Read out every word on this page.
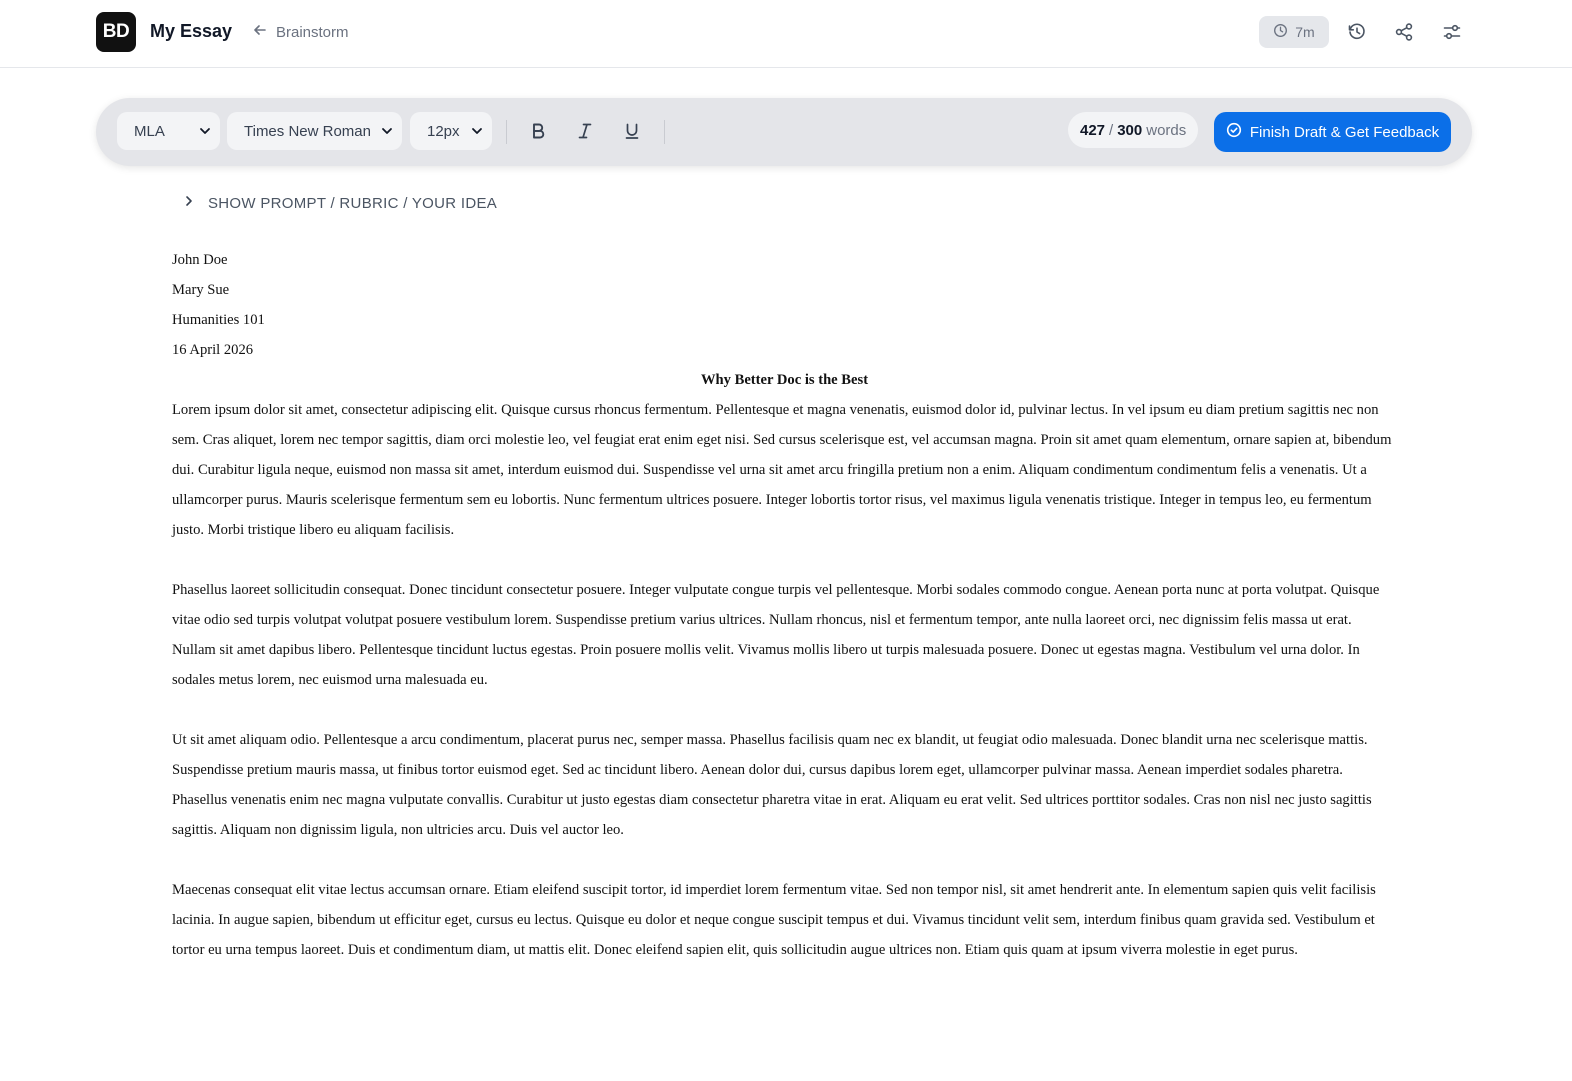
BD	My Essay	Brainstorm	7m
MLA	Times New Roman	12px	427 / 300 words	Finish Draft & Get Feedback
SHOW PROMPT / RUBRIC / YOUR IDEA
John Doe
Mary Sue
Humanities 101
16 April 2026
Why Better Doc is the Best

Lorem ipsum dolor sit amet, consectetur adipiscing elit. Quisque cursus rhoncus fermentum. Pellentesque et magna venenatis, euismod dolor id, pulvinar lectus. In vel ipsum eu diam pretium sagittis nec non sem. Cras aliquet, lorem nec tempor sagittis, diam orci molestie leo, vel feugiat erat enim eget nisi. Sed cursus scelerisque est, vel accumsan magna. Proin sit amet quam elementum, ornare sapien at, bibendum dui. Curabitur ligula neque, euismod non massa sit amet, interdum euismod dui. Suspendisse vel urna sit amet arcu fringilla pretium non a enim. Aliquam condimentum condimentum felis a venenatis. Ut a ullamcorper purus. Mauris scelerisque fermentum sem eu lobortis. Nunc fermentum ultrices posuere. Integer lobortis tortor risus, vel maximus ligula venenatis tristique. Integer in tempus leo, eu fermentum justo. Morbi tristique libero eu aliquam facilisis.

Phasellus laoreet sollicitudin consequat. Donec tincidunt consectetur posuere. Integer vulputate congue turpis vel pellentesque. Morbi sodales commodo congue. Aenean porta nunc at porta volutpat. Quisque vitae odio sed turpis volutpat volutpat posuere vestibulum lorem. Suspendisse pretium varius ultrices. Nullam rhoncus, nisl et fermentum tempor, ante nulla laoreet orci, nec dignissim felis massa ut erat. Nullam sit amet dapibus libero. Pellentesque tincidunt luctus egestas. Proin posuere mollis velit. Vivamus mollis libero ut turpis malesuada posuere. Donec ut egestas magna. Vestibulum vel urna dolor. In sodales metus lorem, nec euismod urna malesuada eu.

Ut sit amet aliquam odio. Pellentesque a arcu condimentum, placerat purus nec, semper massa. Phasellus facilisis quam nec ex blandit, ut feugiat odio malesuada. Donec blandit urna nec scelerisque mattis. Suspendisse pretium mauris massa, ut finibus tortor euismod eget. Sed ac tincidunt libero. Aenean dolor dui, cursus dapibus lorem eget, ullamcorper pulvinar massa. Aenean imperdiet sodales pharetra. Phasellus venenatis enim nec magna vulputate convallis. Curabitur ut justo egestas diam consectetur pharetra vitae in erat. Aliquam eu erat velit. Sed ultrices porttitor sodales. Cras non nisl nec justo sagittis sagittis. Aliquam non dignissim ligula, non ultricies arcu. Duis vel auctor leo.

Maecenas consequat elit vitae lectus accumsan ornare. Etiam eleifend suscipit tortor, id imperdiet lorem fermentum vitae. Sed non tempor nisl, sit amet hendrerit ante. In elementum sapien quis velit facilisis lacinia. In augue sapien, bibendum ut efficitur eget, cursus eu lectus. Quisque eu dolor et neque congue suscipit tempus et dui. Vivamus tincidunt velit sem, interdum finibus quam gravida sed. Vestibulum et tortor eu urna tempus laoreet. Duis et condimentum diam, ut mattis elit. Donec eleifend sapien elit, quis sollicitudin augue ultrices non. Etiam quis quam at ipsum viverra molestie in eget purus.
